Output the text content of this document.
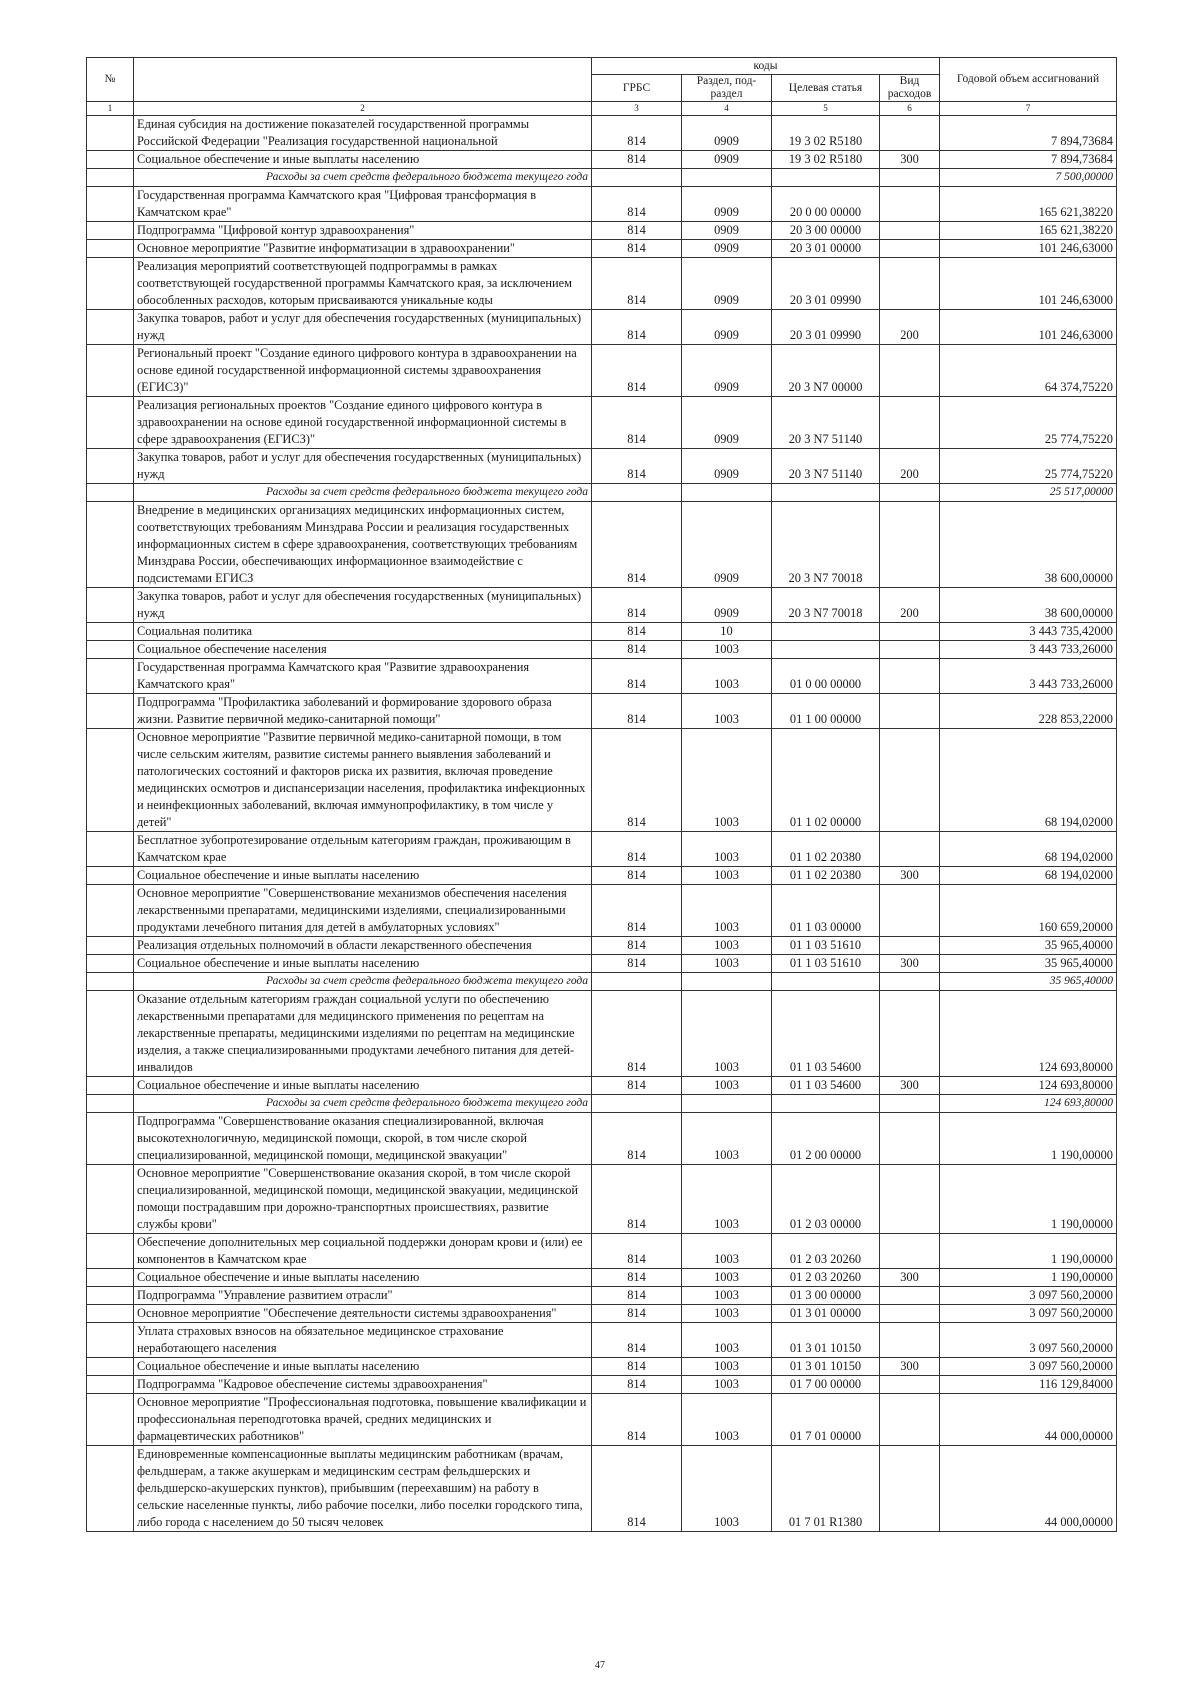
№		коды				Годовой объем ассигнований
		ГРБС	Раздел, под-раздел	Целевая статья	Вид расходов	
1	2	3	4	5	6	7
	Единая субсидия на достижение показателей государственной программы Российской Федерации "Реализация государственной национальной	814	0909	19 3 02 R5180		7 894,73684
	Социальное обеспечение и иные выплаты населению	814	0909	19 3 02 R5180	300	7 894,73684
	Расходы за счет средств федерального бюджета текущего года					7 500,00000
	Государственная программа Камчатского края "Цифровая трансформация в Камчатском крае"	814	0909	20 0 00 00000		165 621,38220
	Подпрограмма "Цифровой контур здравоохранения"	814	0909	20 3 00 00000		165 621,38220
	Основное мероприятие "Развитие информатизации в здравоохранении"	814	0909	20 3 01 00000		101 246,63000
	Реализация мероприятий соответствующей подпрограммы в рамках соответствующей государственной программы Камчатского края, за исключением обособленных расходов, которым присваиваются уникальные коды	814	0909	20 3 01 09990		101 246,63000
	Закупка товаров, работ и услуг для обеспечения государственных (муниципальных) нужд	814	0909	20 3 01 09990	200	101 246,63000
	Региональный проект "Создание единого цифрового контура в здравоохранении на основе единой государственной информационной системы здравоохранения (ЕГИСЗ)"	814	0909	20 3 N7 00000		64 374,75220
	Реализация региональных проектов "Создание единого цифрового контура в здравоохранении на основе единой государственной информационной системы в сфере здравоохранения (ЕГИСЗ)"	814	0909	20 3 N7 51140		25 774,75220
	Закупка товаров, работ и услуг для обеспечения государственных (муниципальных) нужд	814	0909	20 3 N7 51140	200	25 774,75220
	Расходы за счет средств федерального бюджета текущего года					25 517,00000
	Внедрение в медицинских организациях медицинских информационных систем, соответствующих требованиям Минздрава России и реализация государственных информационных систем в сфере здравоохранения, соответствующих требованиям Минздрава России, обеспечивающих информационное взаимодействие с подсистемами ЕГИСЗ	814	0909	20 3 N7 70018		38 600,00000
	Закупка товаров, работ и услуг для обеспечения государственных (муниципальных) нужд	814	0909	20 3 N7 70018	200	38 600,00000
	Социальная политика	814	10			3 443 735,42000
	Социальное обеспечение населения	814	1003			3 443 733,26000
	Государственная программа Камчатского края "Развитие здравоохранения Камчатского края"	814	1003	01 0 00 00000		3 443 733,26000
	Подпрограмма "Профилактика заболеваний и формирование здорового образа жизни. Развитие первичной медико-санитарной помощи"	814	1003	01 1 00 00000		228 853,22000
	Основное мероприятие "Развитие первичной медико-санитарной помощи, в том числе сельским жителям, развитие системы раннего выявления заболеваний и патологических состояний и факторов риска их развития, включая проведение медицинских осмотров и диспансеризации населения, профилактика инфекционных и неинфекционных заболеваний, включая иммунопрофилактику, в том числе у детей"	814	1003	01 1 02 00000		68 194,02000
	Бесплатное зубопротезирование отдельным категориям граждан, проживающим в Камчатском крае	814	1003	01 1 02 20380		68 194,02000
	Социальное обеспечение и иные выплаты населению	814	1003	01 1 02 20380	300	68 194,02000
	Основное мероприятие "Совершенствование механизмов обеспечения населения лекарственными препаратами, медицинскими изделиями, специализированными продуктами лечебного питания для детей в амбулаторных условиях"	814	1003	01 1 03 00000		160 659,20000
	Реализация отдельных полномочий в области лекарственного обеспечения	814	1003	01 1 03 51610		35 965,40000
	Социальное обеспечение и иные выплаты населению	814	1003	01 1 03 51610	300	35 965,40000
	Расходы за счет средств федерального бюджета текущего года					35 965,40000
	Оказание отдельным категориям граждан социальной услуги по обеспечению лекарственными препаратами для медицинского применения по рецептам на лекарственные препараты, медицинскими изделиями по рецептам на медицинские изделия, а также специализированными продуктами лечебного питания для детей-инвалидов	814	1003	01 1 03 54600		124 693,80000
	Социальное обеспечение и иные выплаты населению	814	1003	01 1 03 54600	300	124 693,80000
	Расходы за счет средств федерального бюджета текущего года					124 693,80000
	Подпрограмма "Совершенствование оказания специализированной, включая высокотехнологичную, медицинской помощи, скорой, в том числе скорой специализированной, медицинской помощи, медицинской эвакуации"	814	1003	01 2 00 00000		1 190,00000
	Основное мероприятие "Совершенствование оказания скорой, в том числе скорой специализированной, медицинской помощи, медицинской эвакуации, медицинской помощи пострадавшим при дорожно-транспортных происшествиях, развитие службы крови"	814	1003	01 2 03 00000		1 190,00000
	Обеспечение дополнительных мер социальной поддержки донорам крови и (или) ее компонентов в Камчатском крае	814	1003	01 2 03 20260		1 190,00000
	Социальное обеспечение и иные выплаты населению	814	1003	01 2 03 20260	300	1 190,00000
	Подпрограмма "Управление развитием отрасли"	814	1003	01 3 00 00000		3 097 560,20000
	Основное мероприятие "Обеспечение деятельности системы здравоохранения"	814	1003	01 3 01 00000		3 097 560,20000
	Уплата страховых взносов на обязательное медицинское страхование неработающего населения	814	1003	01 3 01 10150		3 097 560,20000
	Социальное обеспечение и иные выплаты населению	814	1003	01 3 01 10150	300	3 097 560,20000
	Подпрограмма "Кадровое обеспечение системы здравоохранения"	814	1003	01 7 00 00000		116 129,84000
	Основное мероприятие "Профессиональная подготовка, повышение квалификации и профессиональная переподготовка врачей, средних медицинских и фармацевтических работников"	814	1003	01 7 01 00000		44 000,00000
	Единовременные компенсационные выплаты медицинским работникам (врачам, фельдшерам, а также акушеркам и медицинским сестрам фельдшерских и фельдшерско-акушерских пунктов), прибывшим (переехавшим) на работу в сельские населенные пункты, либо рабочие поселки, либо поселки городского типа, либо города с населением до 50 тысяч человек	814	1003	01 7 01 R1380		44 000,00000
47
